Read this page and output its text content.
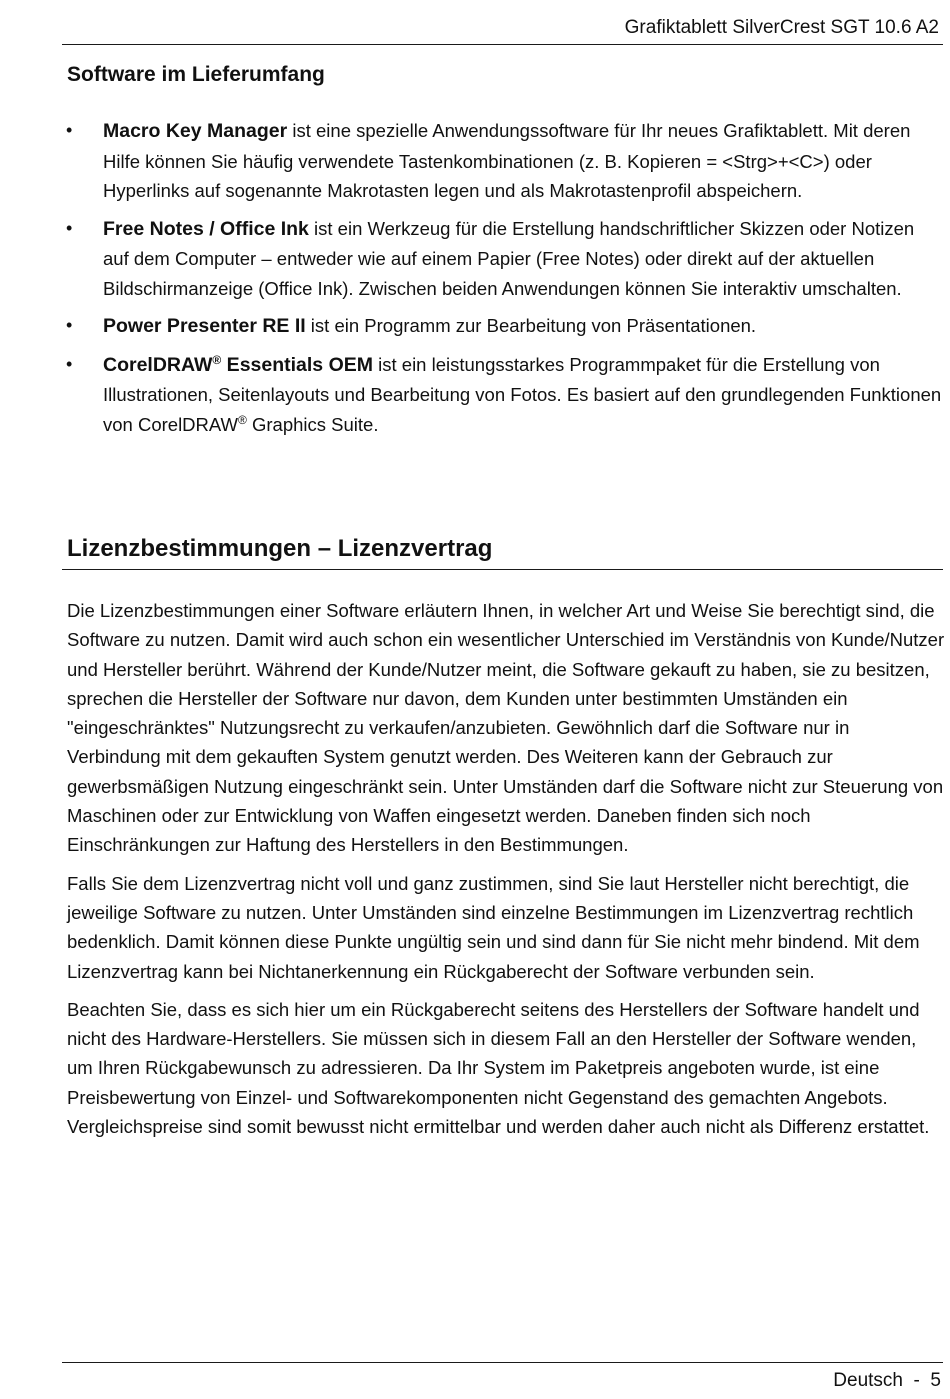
Grafiktablett SilverCrest SGT 10.6 A2
Software im Lieferumfang
• Macro Key Manager ist eine spezielle Anwendungssoftware für Ihr neues Grafiktablett. Mit deren Hilfe können Sie häufig verwendete Tastenkombinationen (z. B. Kopieren = <Strg>+<C>) oder Hyperlinks auf sogenannte Makrotasten legen und als Makrotastenprofil abspeichern.
• Free Notes / Office Ink ist ein Werkzeug für die Erstellung handschriftlicher Skizzen oder Notizen auf dem Computer – entweder wie auf einem Papier (Free Notes) oder direkt auf der aktuellen Bildschirmanzeige (Office Ink). Zwischen beiden Anwendungen können Sie interaktiv umschalten.
• Power Presenter RE II ist ein Programm zur Bearbeitung von Präsentationen.
• CorelDRAW® Essentials OEM ist ein leistungsstarkes Programmpaket für die Erstellung von Illustrationen, Seitenlayouts und Bearbeitung von Fotos. Es basiert auf den grundlegenden Funktionen von CorelDRAW® Graphics Suite.
Lizenzbestimmungen – Lizenzvertrag

Die Lizenzbestimmungen einer Software erläutern Ihnen, in welcher Art und Weise Sie berechtigt sind, die Software zu nutzen. Damit wird auch schon ein wesentlicher Unterschied im Verständnis von Kunde/Nutzer und Hersteller berührt. Während der Kunde/Nutzer meint, die Software gekauft zu haben, sie zu besitzen, sprechen die Hersteller der Software nur davon, dem Kunden unter bestimmten Umständen ein "eingeschränktes" Nutzungsrecht zu verkaufen/anzubieten. Gewöhnlich darf die Software nur in Verbindung mit dem gekauften System genutzt werden. Des Weiteren kann der Gebrauch zur gewerbsmäßigen Nutzung eingeschränkt sein. Unter Umständen darf die Software nicht zur Steuerung von Maschinen oder zur Entwicklung von Waffen eingesetzt werden. Daneben finden sich noch Einschränkungen zur Haftung des Herstellers in den Bestimmungen.

Falls Sie dem Lizenzvertrag nicht voll und ganz zustimmen, sind Sie laut Hersteller nicht berechtigt, die jeweilige Software zu nutzen. Unter Umständen sind einzelne Bestimmungen im Lizenzvertrag rechtlich bedenklich. Damit können diese Punkte ungültig sein und sind dann für Sie nicht mehr bindend. Mit dem Lizenzvertrag kann bei Nichtanerkennung ein Rückgaberecht der Software verbunden sein.

Beachten Sie, dass es sich hier um ein Rückgaberecht seitens des Herstellers der Software handelt und nicht des Hardware-Herstellers. Sie müssen sich in diesem Fall an den Hersteller der Software wenden, um Ihren Rückgabewunsch zu adressieren. Da Ihr System im Paketpreis angeboten wurde, ist eine Preisbewertung von Einzel- und Softwarekomponenten nicht Gegenstand des gemachten Angebots. Vergleichspreise sind somit bewusst nicht ermittelbar und werden daher auch nicht als Differenz erstattet.

Deutsch  -  5
